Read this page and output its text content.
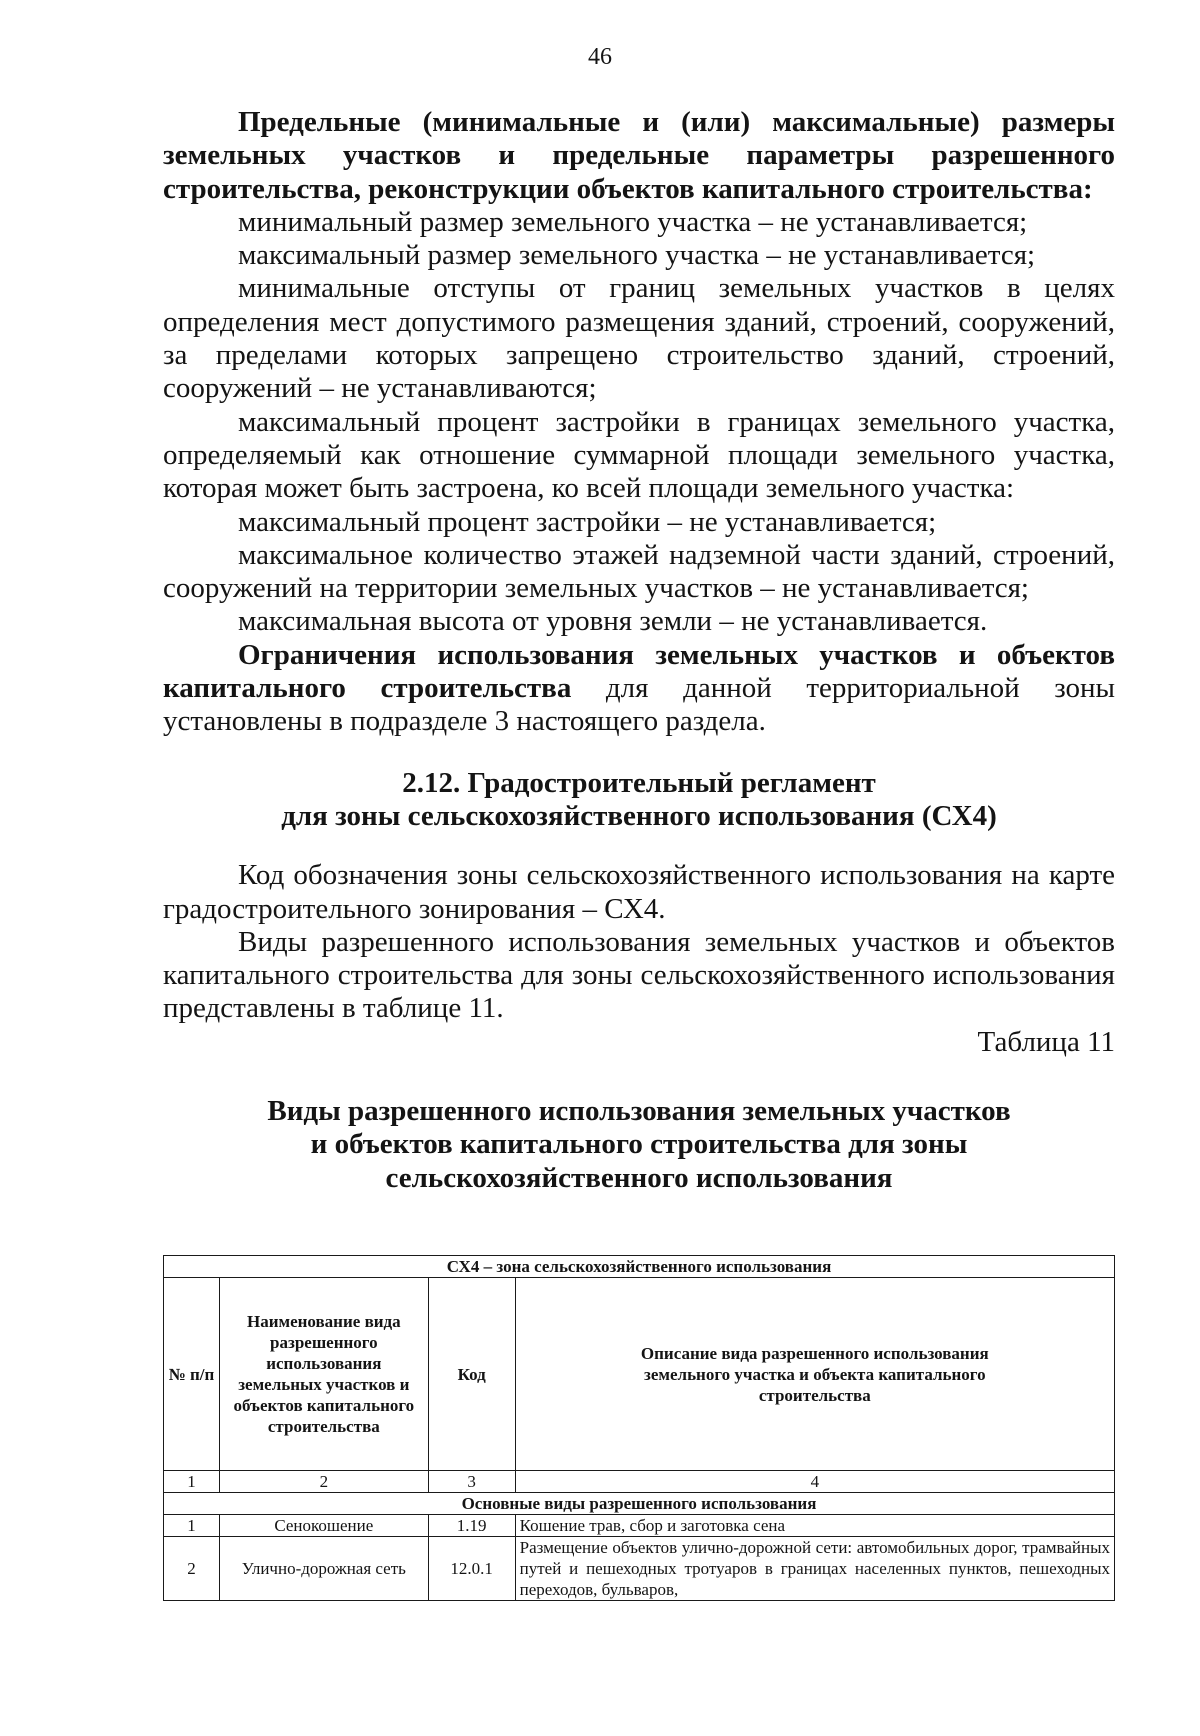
46

Предельные (минимальные и (или) максимальные) размеры земельных участков и предельные параметры разрешенного строительства, реконструкции объектов капитального строительства:

минимальный размер земельного участка – не устанавливается;

максимальный размер земельного участка – не устанавливается;

минимальные отступы от границ земельных участков в целях определения мест допустимого размещения зданий, строений, сооружений, за пределами которых запрещено строительство зданий, строений, сооружений – не устанавливаются;

максимальный процент застройки в границах земельного участка, определяемый как отношение суммарной площади земельного участка, которая может быть застроена, ко всей площади земельного участка:

максимальный процент застройки – не устанавливается;

максимальное количество этажей надземной части зданий, строений, сооружений на территории земельных участков – не устанавливается;

максимальная высота от уровня земли – не устанавливается.

Ограничения использования земельных участков и объектов капитального строительства для данной территориальной зоны установлены в подразделе 3 настоящего раздела.

2.12. Градостроительный регламент

для зоны сельскохозяйственного использования (СХ4)

Код обозначения зоны сельскохозяйственного использования на карте градостроительного зонирования – СХ4.

Виды разрешенного использования земельных участков и объектов капитального строительства для зоны сельскохозяйственного использования представлены в таблице 11.

Таблица 11

Виды разрешенного использования земельных участков

и объектов капитального строительства для зоны

сельскохозяйственного использования

СХ4 – зона сельскохозяйственного использования			
№ п/п	Наименование вида разрешенного использования земельных участков и объектов капитального строительства	Код	Описание вида разрешенного использования земельного участка и объекта капитального строительства
1	2	3	4
Основные виды разрешенного использования			
1	Сенокошение	1.19	Кошение трав, сбор и заготовка сена
2	Улично-дорожная сеть	12.0.1	Размещение объектов улично-дорожной сети: автомобильных дорог, трамвайных путей и пешеходных тротуаров в границах населенных пунктов, пешеходных переходов, бульваров,
